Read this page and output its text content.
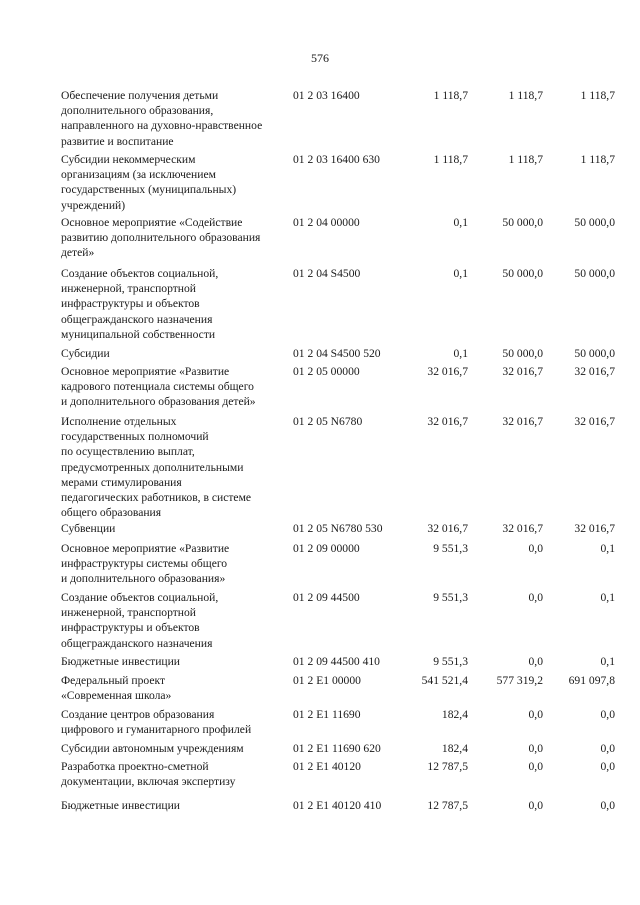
576
Обеспечение получения детьми
дополнительного образования,
направленного на духовно-нравственное
развитие и воспитание
01 2 03 16400	1 118,7	1 118,7	1 118,7
Субсидии некоммерческим
организациям (за исключением
государственных (муниципальных)
учреждений)
01 2 03 16400 630	1 118,7	1 118,7	1 118,7
Основное мероприятие «Содействие
развитию дополнительного образования
детей»
01 2 04 00000	0,1	50 000,0	50 000,0
Создание объектов социальной,
инженерной, транспортной
инфраструктуры и объектов
общегражданского назначения
муниципальной собственности
01 2 04 S4500	0,1	50 000,0	50 000,0
Субсидии	01 2 04 S4500 520	0,1	50 000,0	50 000,0
Основное мероприятие «Развитие
кадрового потенциала системы общего
и дополнительного образования детей»
01 2 05 00000	32 016,7	32 016,7	32 016,7
Исполнение отдельных
государственных полномочий
по осуществлению выплат,
предусмотренных дополнительными
мерами стимулирования
педагогических работников, в системе
общего образования
01 2 05 N6780	32 016,7	32 016,7	32 016,7
Субвенции	01 2 05 N6780 530	32 016,7	32 016,7	32 016,7
Основное мероприятие «Развитие
инфраструктуры системы общего
и дополнительного образования»
01 2 09 00000	9 551,3	0,0	0,1
Создание объектов социальной,
инженерной, транспортной
инфраструктуры и объектов
общегражданского назначения
01 2 09 44500	9 551,3	0,0	0,1
Бюджетные инвестиции	01 2 09 44500 410	9 551,3	0,0	0,1
Федеральный проект
«Современная школа»
01 2 E1 00000	541 521,4	577 319,2	691 097,8
Создание центров образования
цифрового и гуманитарного профилей
01 2 E1 11690	182,4	0,0	0,0
Субсидии автономным учреждениям	01 2 E1 11690 620	182,4	0,0	0,0
Разработка проектно-сметной
документации, включая экспертизу
01 2 E1 40120	12 787,5	0,0	0,0
Бюджетные инвестиции	01 2 E1 40120 410	12 787,5	0,0	0,0
